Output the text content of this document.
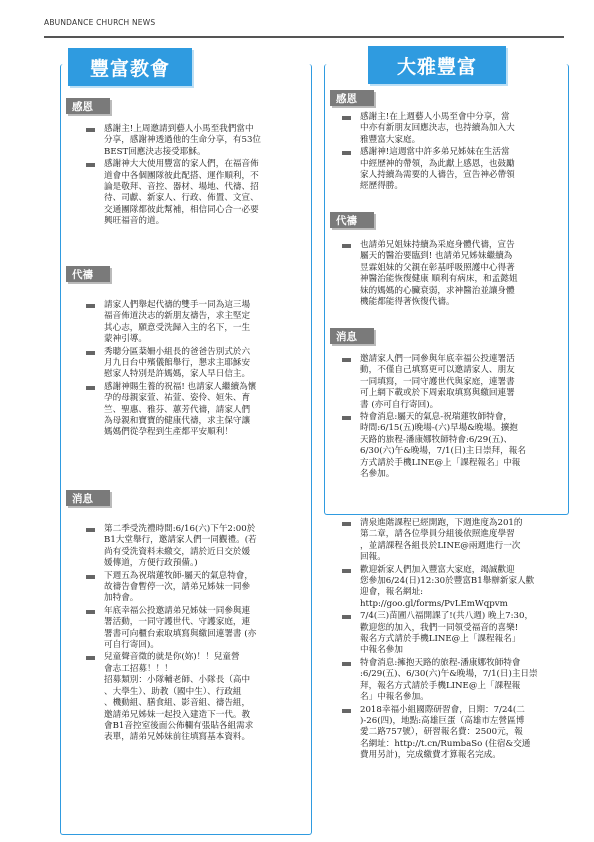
ABUNDANCE CHURCH NEWS
豐富教會
感恩
感謝主!上周邀請到藝人小馬至我們當中
分享，感謝神透過他的生命分享，有53位
BEST回應決志接受耶穌。
感謝神大大使用豐富的家人們，在福音佈
道會中各個團隊彼此配搭、運作順利，不
論是敬拜、音控、器材、場地、代禱、招
待、司獻、新家人、行政、佈置、文宣、
交通團隊都彼此幫補，相信同心合一必要
興旺福音的道。
代禱
請家人們舉起代禱的雙手一同為這三場
福音佈道決志的新朋友禱告，求主堅定
其心志，願意受洗歸入主的名下，一生
蒙神引導。
秀聰分區棻姍小組長的爸爸告別式於六
月九日台中殯儀館舉行，懇求主耶穌安
慰家人特別是許媽媽，家人早日信主。
感謝神賜生養的祝福! 也請家人繼續為懷
孕的母親家萱、祐萱、姿伶、姮朱、育
竺、聖惠、雅芬、蕙芳代禱，請家人們
為母親和寶寶的健康代禱，求主保守讓
媽媽們從孕程到生產都平安順利！
消息
第二季受洗禮時間:6/16(六)下午2:00於
B1大堂舉行，邀請家人們一同觀禮。(若
尚有受洗資料未繳交，請於近日交於媛
媛傳道，方便行政預備。)
下週五為祝瑞蓮牧師-屬天的氣息特會，
故禱告會暫停一次，請弟兄姊妹一同參
加特會。
年底幸福公投邀請弟兄姊妹一同參與連
署活動，一同守護世代、守護家庭，連
署書可向櫃台索取填寫與繳回連署書 (亦
可自行寄回)。
兒童聲音徵的就是你(妳)！！兒童營
會志工招募！！！
招募類別：小隊輔老師、小隊長（高中
、大學生）、助教（國中生）、行政組
、機動組、膳食組、影音組、禱告組，
邀請弟兄姊妹一起投入建造下一代。教
會B1音控室後面公佈欄有張貼各組需求
表單，請弟兄姊妹前往填寫基本資料。
大雅豐富
感恩
感謝主!在上週藝人小馬至會中分享，當
中亦有新朋友回應決志，也持續為加入大
雅豐富大家庭。
感謝神!這週當中許多弟兄姊妹在生活當
中經歷神的帶領，為此獻上感恩，也鼓勵
家人持續為需要的人禱告，宣告神必帶領
經歷得勝。
代禱
也請弟兄姐妹持續為采庭身體代禱，宣告
屬天的醫治要臨到! 也請弟兄姊妹繼續為
昱霖姐妹的父親在彰基呼吸照護中心得著
神醫治能恢復健康 順利有病床，和孟懿姐
妹的媽媽的心臟衰弱，求神醫治並讓身體
機能都能得著恢復代禱。
消息
邀請家人們一同參與年底幸福公投連署活
動，不僅自己填寫更可以邀請家人、朋友
一同填寫，一同守護世代與家庭，連署書
可上網下載或於下周索取填寫與繳回連署
書 (亦可自行寄回)。
特會消息:屬天的氣息-祝瑞蓮牧師特會，
時間:6/15(五)晚場-(六)早場&晚場。擴抱
天路的旅程-潘康娜牧師特會:6/29(五)、
6/30(六)午&晚場，7/1(日)主日崇拜，報名
方式請於手機LINE@上「課程報名」中報
名參加。
清泉進階課程已經開跑，下週進度為201的
第二章，請各位學員分組後依照進度學習
，並請課程各組長於LINE@兩週進行一次
回報。
歡迎新家人們加入豐富大家庭，竭誠歡迎
您參加6/24(日)12:30於豐富B1舉辦新家人歡
迎會，報名網址:
http://goo.gl/forms/PvLEmWqpvm
7/4(三)苗圃八福開課了!(共八週) 晚上7:30，
歡迎您的加入，我們一同領受福音的喜樂!
報名方式請於手機LINE@上「課程報名」
中報名參加
特會消息:擁抱天路的旅程-潘康娜牧師特會
:6/29(五)、6/30(六)午&晚場，7/1(日)主日崇
拜，報名方式請於手機LINE@上「課程報
名」中報名參加。
2018幸福小組國際研習會，日期：7/24(二
)-26(四)，地點:高雄巨蛋（高雄市左營區博
愛二路757號），研習報名費：2500元，報
名網址：http://t.cn/RumbaSo (住宿&交通
費用另計)，完成繳費才算報名完成。
